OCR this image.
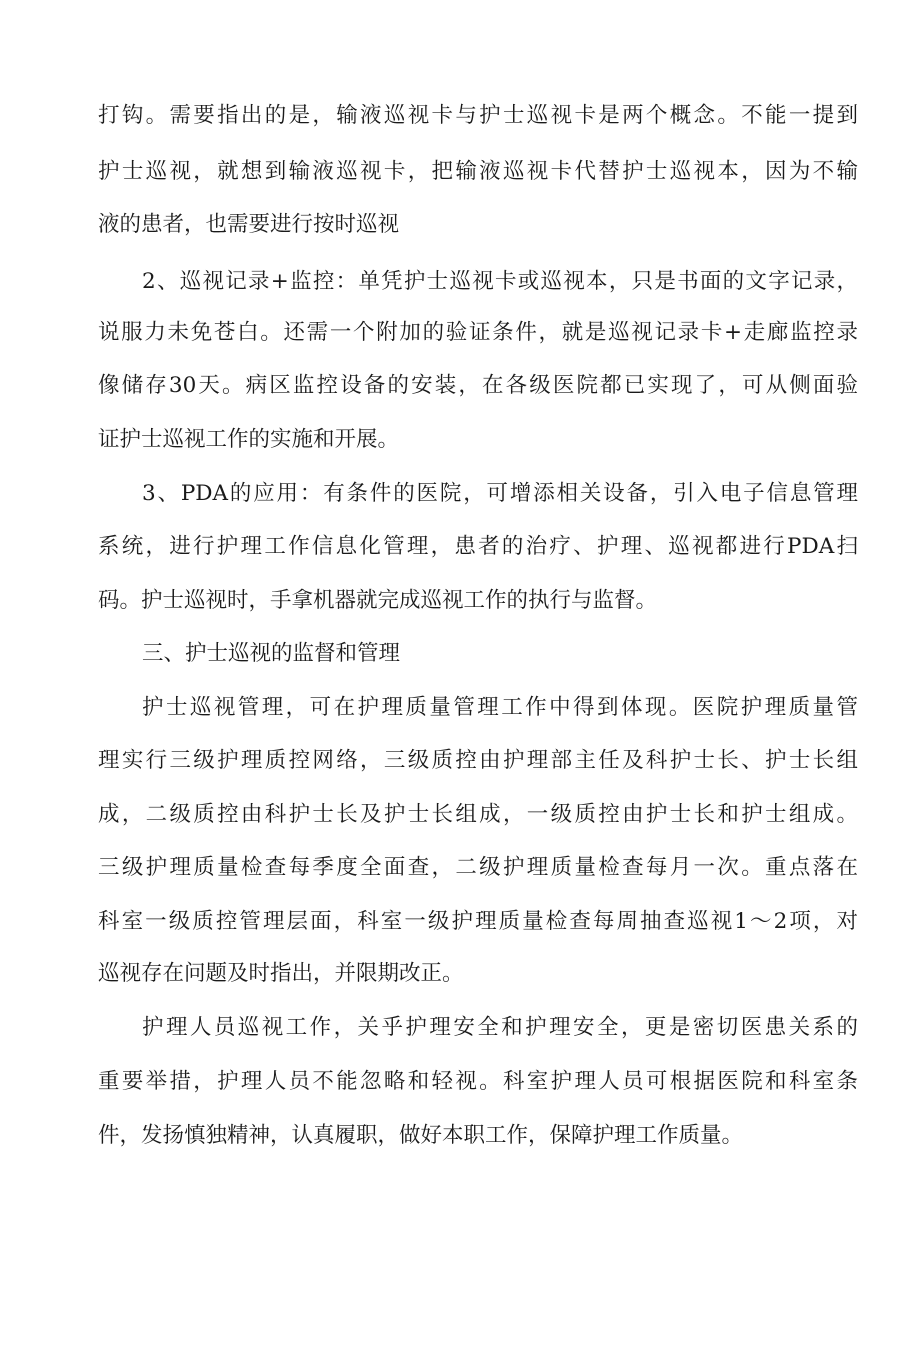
打钩。需要指出的是，输液巡视卡与护士巡视卡是两个概念。不能一提到
护士巡视，就想到输液巡视卡，把输液巡视卡代替护士巡视本，因为不输
液的患者，也需要进行按时巡视
2、巡视记录+监控：单凭护士巡视卡或巡视本，只是书面的文字记录，
说服力未免苍白。还需一个附加的验证条件，就是巡视记录卡+走廊监控录
像储存30天。病区监控设备的安装，在各级医院都已实现了，可从侧面验
证护士巡视工作的实施和开展。
3、PDA的应用：有条件的医院，可增添相关设备，引入电子信息管理
系统，进行护理工作信息化管理，患者的治疗、护理、巡视都进行PDA扫
码。护士巡视时，手拿机器就完成巡视工作的执行与监督。
三、护士巡视的监督和管理
护士巡视管理，可在护理质量管理工作中得到体现。医院护理质量管
理实行三级护理质控网络，三级质控由护理部主任及科护士长、护士长组
成，二级质控由科护士长及护士长组成，一级质控由护士长和护士组成。
三级护理质量检查每季度全面查，二级护理质量检查每月一次。重点落在
科室一级质控管理层面，科室一级护理质量检查每周抽查巡视1～2项，对
巡视存在问题及时指出，并限期改正。
护理人员巡视工作，关乎护理安全和护理安全，更是密切医患关系的
重要举措，护理人员不能忽略和轻视。科室护理人员可根据医院和科室条
件，发扬慎独精神，认真履职，做好本职工作，保障护理工作质量。
